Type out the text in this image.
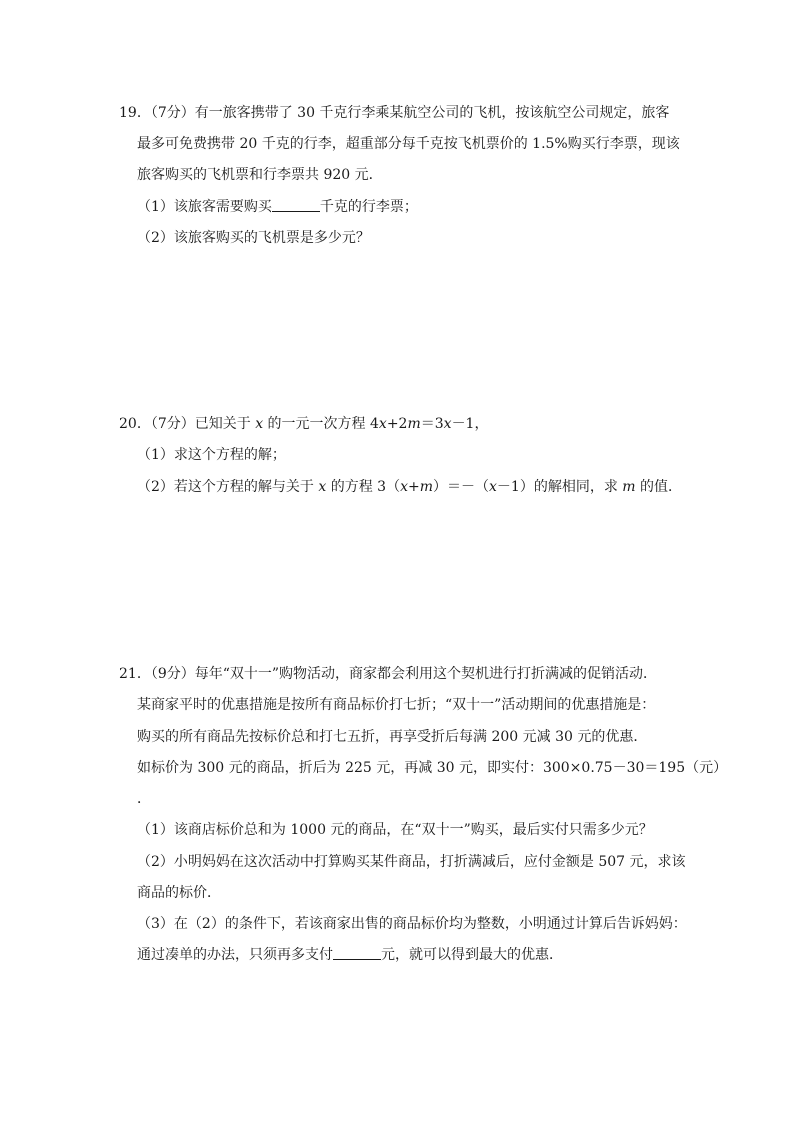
19．（7分）有一旅客携带了 30 千克行李乘某航空公司的飞机，按该航空公司规定，旅客
最多可免费携带 20 千克的行李，超重部分每千克按飞机票价的 1.5%购买行李票，现该
旅客购买的飞机票和行李票共 920 元．
（1）该旅客需要购买	千克的行李票；
（2）该旅客购买的飞机票是多少元？
20．（7分）已知关于 x 的一元一次方程 4x+2m＝3x－1，
（1）求这个方程的解；
（2）若这个方程的解与关于 x 的方程 3（x+m）＝－（x－1）的解相同，求 m 的值．
21．（9分）每年“双十一”购物活动，商家都会利用这个契机进行打折满减的促销活动．
某商家平时的优惠措施是按所有商品标价打七折；“双十一”活动期间的优惠措施是：
购买的所有商品先按标价总和打七五折，再享受折后每满 200 元减 30 元的优惠．
如标价为 300 元的商品，折后为 225 元，再减 30 元，即实付：300×0.75－30＝195（元）
．
（1）该商店标价总和为 1000 元的商品，在“双十一”购买，最后实付只需多少元？
（2）小明妈妈在这次活动中打算购买某件商品，打折满减后，应付金额是 507 元，求该
商品的标价．
（3）在（2）的条件下，若该商家出售的商品标价均为整数，小明通过计算后告诉妈妈：
通过凑单的办法，只须再多支付	元，就可以得到最大的优惠．
